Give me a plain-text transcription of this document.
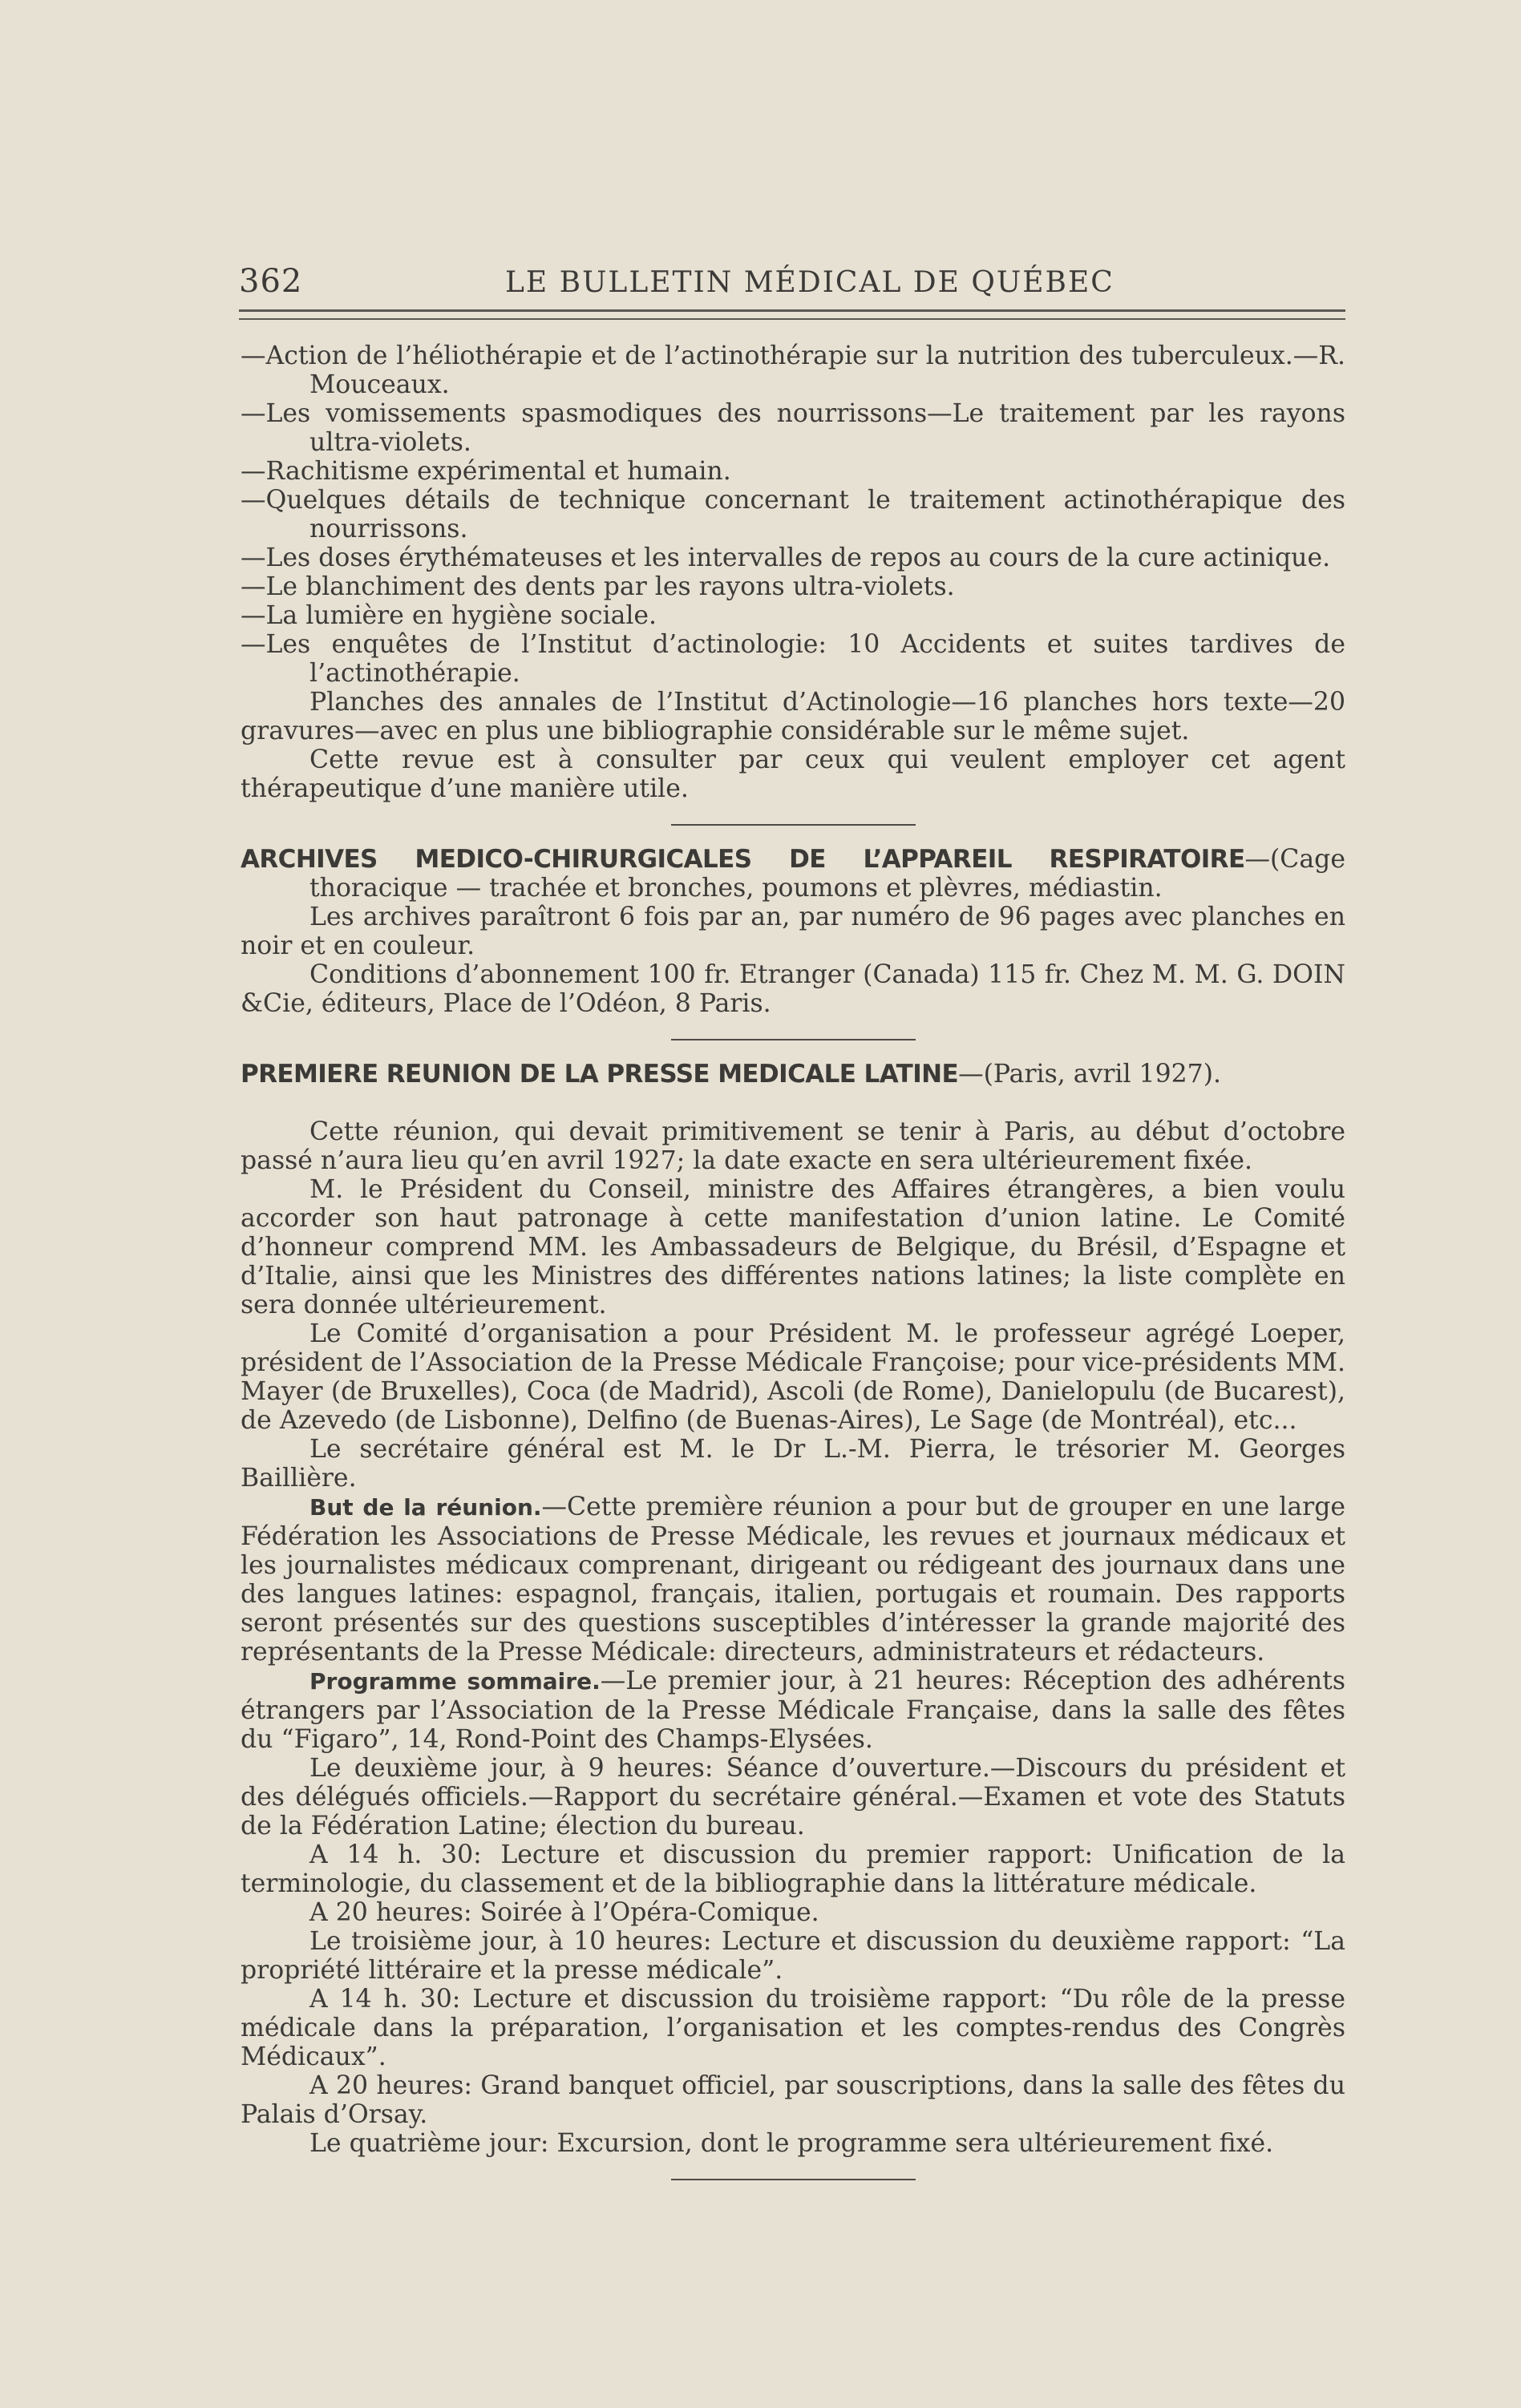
362	LE BULLETIN MÉDICAL DE QUÉBEC

—Action de l’héliothérapie et de l’actinothérapie sur la nutrition des tuberculeux.—R. Mouceaux.

—Les vomissements spasmodiques des nourrissons—Le traitement par les rayons ultra-violets.

—Rachitisme expérimental et humain.

—Quelques détails de technique concernant le traitement actinothérapique des nourrissons.

—Les doses érythémateuses et les intervalles de repos au cours de la cure actinique.

—Le blanchiment des dents par les rayons ultra-violets.

—La lumière en hygiène sociale.

—Les enquêtes de l’Institut d’actinologie: 10 Accidents et suites tardives de l’actinothérapie.

Planches des annales de l’Institut d’Actinologie—16 planches hors texte—20 gravures—avec en plus une bibliographie considérable sur le même sujet.

Cette revue est à consulter par ceux qui veulent employer cet agent thérapeutique d’une manière utile.

ARCHIVES MEDICO-CHIRURGICALES DE L’APPAREIL RESPIRATOIRE—(Cage thoracique — trachée et bronches, poumons et plèvres, médiastin.

Les archives paraîtront 6 fois par an, par numéro de 96 pages avec planches en noir et en couleur.

Conditions d’abonnement 100 fr. Etranger (Canada) 115 fr. Chez M. M. G. DOIN &Cie, éditeurs, Place de l’Odéon, 8 Paris.

PREMIERE REUNION DE LA PRESSE MEDICALE LATINE—(Paris, avril 1927).

Cette réunion, qui devait primitivement se tenir à Paris, au début d’octobre passé n’aura lieu qu’en avril 1927; la date exacte en sera ultérieurement fixée.

M. le Président du Conseil, ministre des Affaires étrangères, a bien voulu accorder son haut patronage à cette manifestation d’union latine. Le Comité d’honneur comprend MM. les Ambassadeurs de Belgique, du Brésil, d’Espagne et d’Italie, ainsi que les Ministres des différentes nations latines; la liste complète en sera donnée ultérieurement.

Le Comité d’organisation a pour Président M. le professeur agrégé Loeper, président de l’Association de la Presse Médicale Françoise; pour vice-présidents MM. Mayer (de Bruxelles), Coca (de Madrid), Ascoli (de Rome), Danielopulu (de Bucarest), de Azevedo (de Lisbonne), Delfino (de Buenas-Aires), Le Sage (de Montréal), etc...

Le secrétaire général est M. le Dr L.-M. Pierra, le trésorier M. Georges Baillière.

But de la réunion.—Cette première réunion a pour but de grouper en une large Fédération les Associations de Presse Médicale, les revues et journaux médicaux et les journalistes médicaux comprenant, dirigeant ou rédigeant des journaux dans une des langues latines: espagnol, français, italien, portugais et roumain. Des rapports seront présentés sur des questions susceptibles d’intéresser la grande majorité des représentants de la Presse Médicale: directeurs, administrateurs et rédacteurs.

Programme sommaire.—Le premier jour, à 21 heures: Réception des adhérents étrangers par l’Association de la Presse Médicale Française, dans la salle des fêtes du “Figaro”, 14, Rond-Point des Champs-Elysées.

Le deuxième jour, à 9 heures: Séance d’ouverture.—Discours du président et des délégués officiels.—Rapport du secrétaire général.—Examen et vote des Statuts de la Fédération Latine; élection du bureau.

A 14 h. 30: Lecture et discussion du premier rapport: Unification de la terminologie, du classement et de la bibliographie dans la littérature médicale.

A 20 heures: Soirée à l’Opéra-Comique.

Le troisième jour, à 10 heures: Lecture et discussion du deuxième rapport: “La propriété littéraire et la presse médicale”.

A 14 h. 30: Lecture et discussion du troisième rapport: “Du rôle de la presse médicale dans la préparation, l’organisation et les comptes-rendus des Congrès Médicaux”.

A 20 heures: Grand banquet officiel, par souscriptions, dans la salle des fêtes du Palais d’Orsay.

Le quatrième jour: Excursion, dont le programme sera ultérieurement fixé.
